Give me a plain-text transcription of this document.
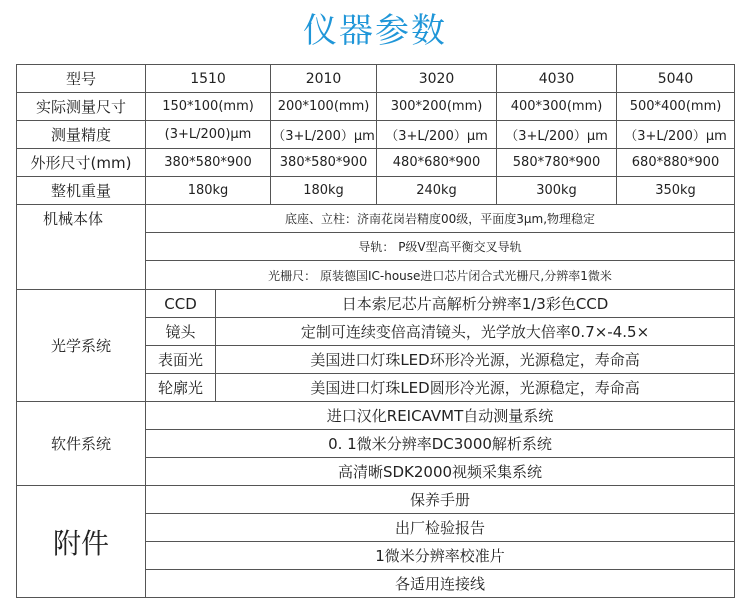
仪器参数
型号	1510		2010	3020	4030	5040
实际测量尺寸	150*100(mm)		200*100(mm)	300*200(mm)	400*300(mm)	500*400(mm)
测量精度	(3+L/200)μm		（3+L/200）μm	（3+L/200）μm	（3+L/200）μm	（3+L/200）μm
外形尺寸(mm)	380*580*900		380*580*900	480*680*900	580*780*900	680*880*900
整机重量	180kg		180kg	240kg	300kg	350kg
机械本体	底座、立柱：济南花岗岩精度00级，平面度3μm,物理稳定					
	导轨： P级V型高平衡交叉导轨					
	光栅尺： 原装德国IC-house进口芯片闭合式光栅尺,分辨率1微米					
光学系统	CCD	日本索尼芯片高解析分辨率1/3彩色CCD				
	镜头	定制可连续变倍高清镜头，光学放大倍率0.7×-4.5×				
	表面光	美国进口灯珠LED环形冷光源，光源稳定，寿命高				
	轮廓光	美国进口灯珠LED圆形冷光源，光源稳定，寿命高				
软件系统	进口汉化REICAVMT自动测量系统					
	0. 1微米分辨率DC3000解析系统					
	高清晰SDK2000视频采集系统					
附件	保养手册					
	出厂检验报告					
	1微米分辨率校准片					
	各适用连接线					
